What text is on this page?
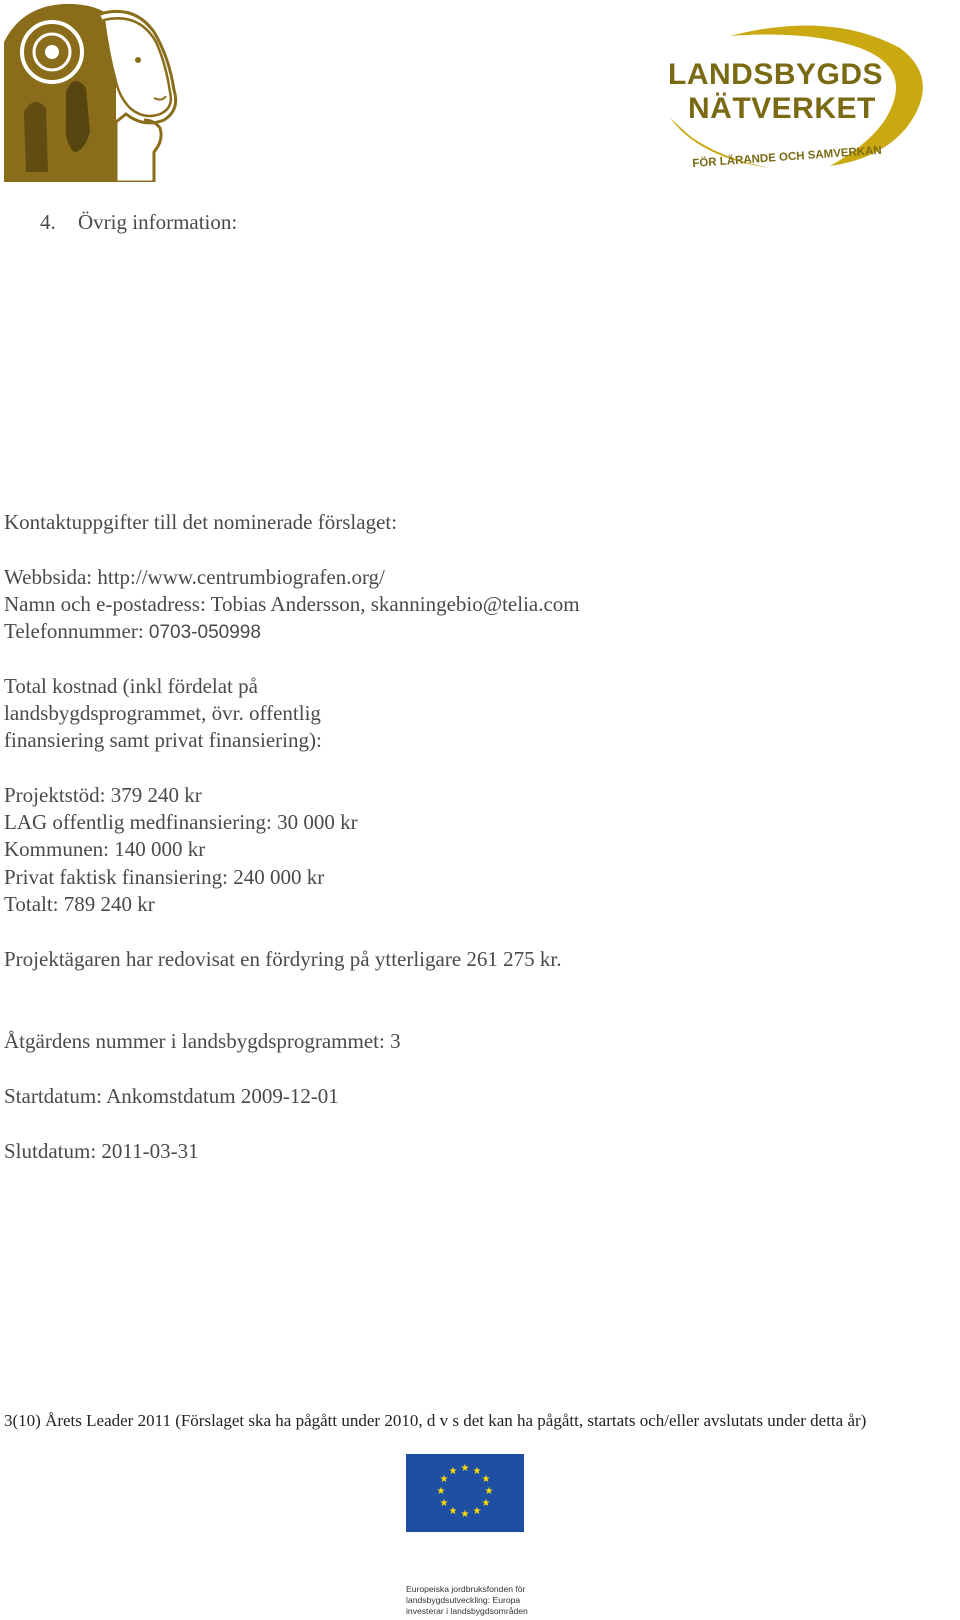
LANDSBYGDS
NÄTVERKET
FÖR LÄRANDE OCH SAMVERKAN
4. Övrig information:
Kontaktuppgifter till det nominerade förslaget:
Webbsida: http://www.centrumbiografen.org/
Namn och e-postadress: Tobias Andersson, skanningebio@telia.com
Telefonnummer: 0703-050998
Total kostnad (inkl fördelat på
landsbygdsprogrammet, övr. offentlig
finansiering samt privat finansiering):
Projektstöd: 379 240 kr
LAG offentlig medfinansiering: 30 000 kr
Kommunen: 140 000 kr
Privat faktisk finansiering: 240 000 kr
Totalt: 789 240 kr
Projektägaren har redovisat en fördyring på ytterligare 261 275 kr.
Åtgärdens nummer i landsbygdsprogrammet: 3
Startdatum: Ankomstdatum 2009-12-01
Slutdatum: 2011-03-31
3(10) Årets Leader 2011 (Förslaget ska ha pågått under 2010, d v s det kan ha pågått, startats och/eller avslutats under detta år)
★ ★
★
★
★
★
★
★
★
★
★
★
Europeiska jordbruksfonden för
landsbygdsutveckling: Europa
investerar i landsbygdsområden
